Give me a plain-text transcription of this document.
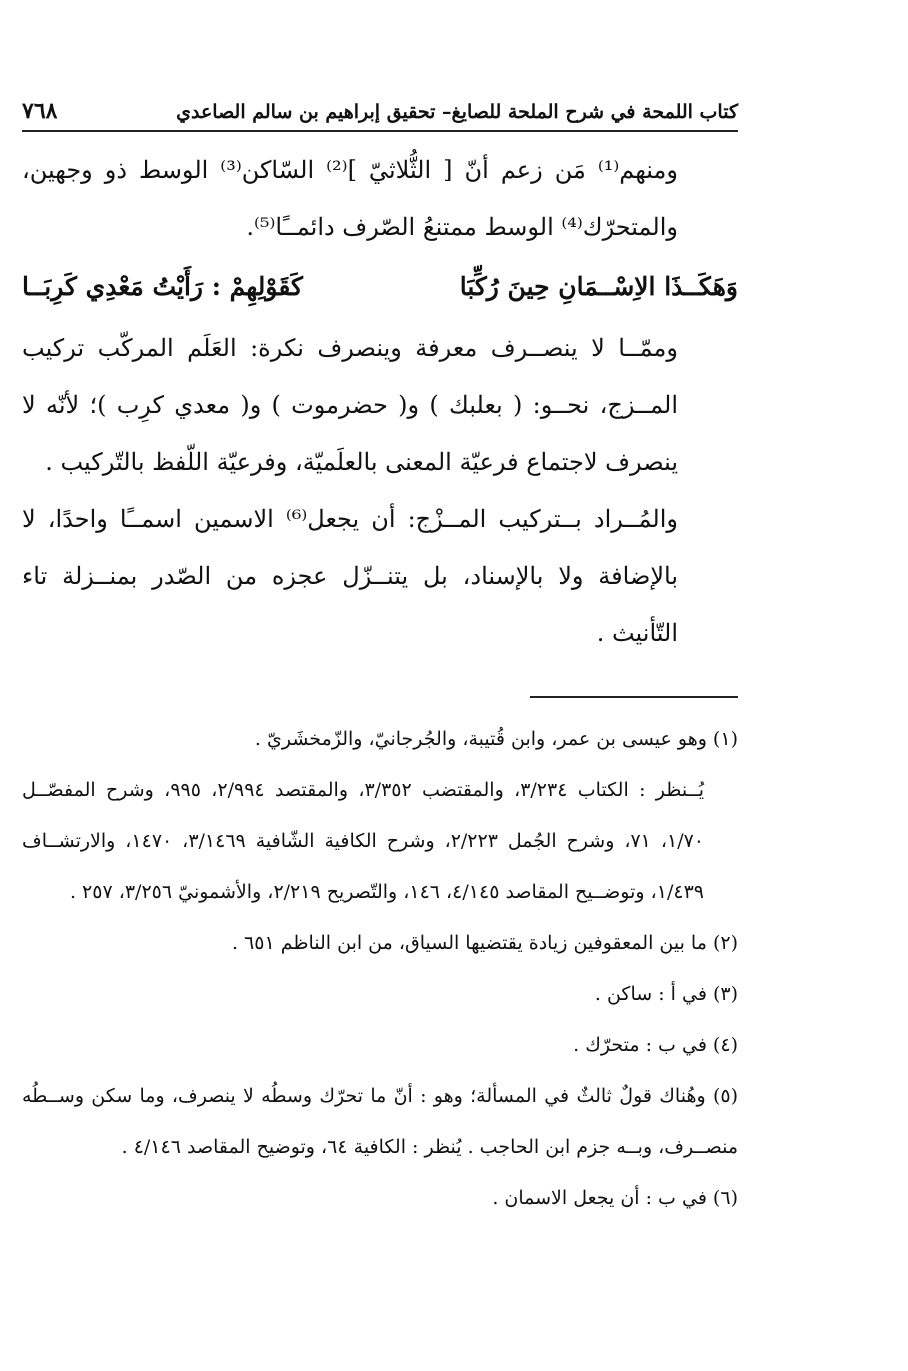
كتاب اللمحة في شرح الملحة للصايغ– تحقيق إبراهيم بن سالم الصاعدي
٧٦٨

ومنهم⁽¹⁾ مَن زعم أنّ [ الثُّلاثيّ ]⁽²⁾ السّاكن⁽³⁾ الوسط ذو وجهين، والمتحرّك⁽⁴⁾ الوسط ممتنعُ الصّرف دائمــًا⁽⁵⁾.

وَهَكَــذَا الاِسْــمَانِ حِينَ رُكِّبَا
كَقَوْلِهِمْ : رَأَيْتُ مَعْدِي كَرِبَــا

وممّــا لا ينصــرف معرفة وينصرف نكرة: العَلَم المركّب تركيب المــزج، نحــو: ( بعلبك ) و( حضرموت ) و( معدي كرِب )؛ لأنّه لا ينصرف لاجتماع فرعيّة المعنى بالعلَميّة، وفرعيّة اللّفظ بالتّركيب .

والمُــراد بــتركيب المــزْج: أن يجعل⁽⁶⁾ الاسمين اسمــًا واحدًا، لا بالإضافة ولا بالإسناد، بل يتنــزّل عجزه من الصّدر بمنــزلة تاء التّأنيث .

(١) وهو عيسى بن عمر، وابن قُتيبة، والجُرجانيّ، والزّمخشَريّ .

يُــنظر : الكتاب ٣/٢٣٤، والمقتضب ٣/٣٥٢، والمقتصد ٢/٩٩٤، ٩٩٥، وشرح المفصّــل ١/٧٠، ٧١، وشرح الجُمل ٢/٢٢٣، وشرح الكافية الشّافية ٣/١٤٦٩، ١٤٧٠، والارتشــاف ١/٤٣٩، وتوضــيح المقاصد ٤/١٤٥، ١٤٦، والتّصريح ٢/٢١٩، والأشمونيّ ٣/٢٥٦، ٢٥٧ .

(٢) ما بين المعقوفين زيادة يقتضيها السياق، من ابن الناظم ٦٥١ .

(٣) في أ : ساكن .

(٤) في ب : متحرّك .

(٥) وهُناك قولٌ ثالثٌ في المسألة؛ وهو : أنّ ما تحرّك وسطُه لا ينصرف، وما سكن وســطُه منصــرف، وبــه جزم ابن الحاجب . يُنظر : الكافية ٦٤، وتوضيح المقاصد ٤/١٤٦ .

(٦) في ب : أن يجعل الاسمان .
